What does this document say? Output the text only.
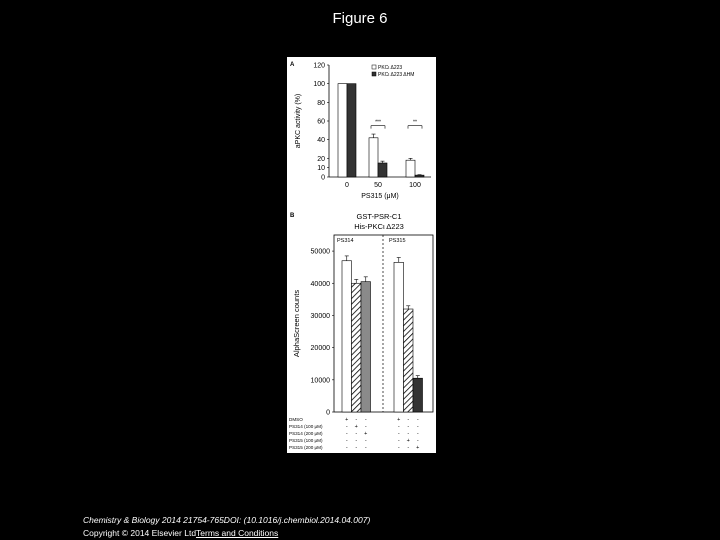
Figure 6
A
0
10
20
40
60
80
100
120
aPKC activity (%)
0	50	100
PS315 (μM)
***	**
PKCι Δ223
PKCι Δ223 ΔHM
B	GST-PSR-C1
His-PKCι Δ223
0
10000
20000
30000
40000
50000
AlphaScreen counts
PS314	PS315
DMSO	+ - -	+ - -
PS314 (100 μM)	- + -	- - -
PS314 (200 μM)	- - +	- - -
PS315 (100 μM)	- - -	- + -
PS315 (200 μM)	- - -	- - +
Chemistry & Biology 2014 21754-765DOI: (10.1016/j.chembiol.2014.04.007)
Copyright © 2014 Elsevier LtdTerms and Conditions
